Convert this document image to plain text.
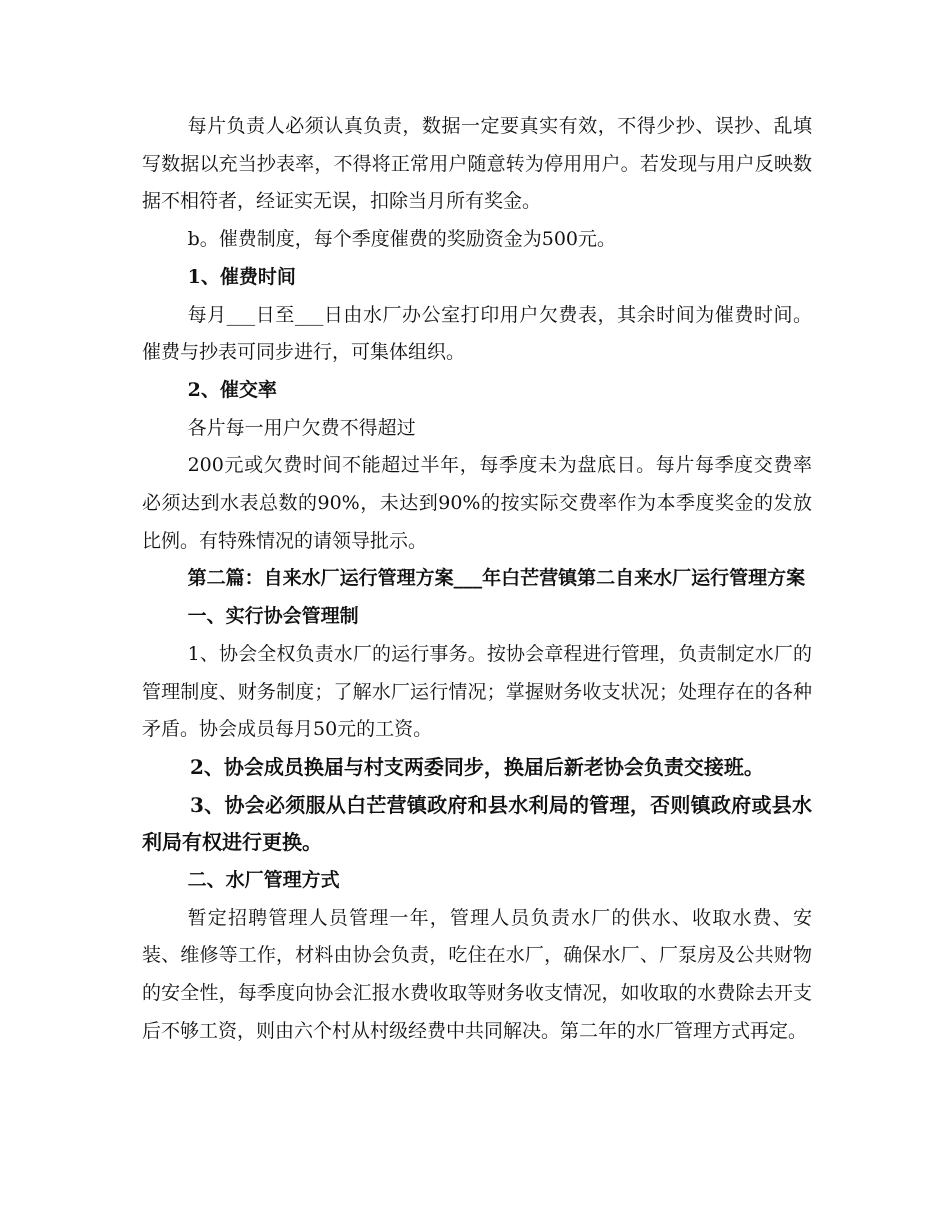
每片负责人必须认真负责，数据一定要真实有效，不得少抄、误抄、乱填写数据以充当抄表率，不得将正常用户随意转为停用用户。若发现与用户反映数据不相符者，经证实无误，扣除当月所有奖金。

b。催费制度，每个季度催费的奖励资金为500元。

1、催费时间

每月___日至___日由水厂办公室打印用户欠费表，其余时间为催费时间。催费与抄表可同步进行，可集体组织。

2、催交率

各片每一用户欠费不得超过

200元或欠费时间不能超过半年，每季度未为盘底日。每片每季度交费率必须达到水表总数的90%，未达到90%的按实际交费率作为本季度奖金的发放比例。有特殊情况的请领导批示。

第二篇：自来水厂运行管理方案___年白芒营镇第二自来水厂运行管理方案

一、实行协会管理制

1、协会全权负责水厂的运行事务。按协会章程进行管理，负责制定水厂的管理制度、财务制度；了解水厂运行情况；掌握财务收支状况；处理存在的各种矛盾。协会成员每月50元的工资。

2、协会成员换届与村支两委同步，换届后新老协会负责交接班。

3、协会必须服从白芒营镇政府和县水利局的管理，否则镇政府或县水利局有权进行更换。

二、水厂管理方式

暂定招聘管理人员管理一年，管理人员负责水厂的供水、收取水费、安装、维修等工作，材料由协会负责，吃住在水厂，确保水厂、厂泵房及公共财物的安全性，每季度向协会汇报水费收取等财务收支情况，如收取的水费除去开支后不够工资，则由六个村从村级经费中共同解决。第二年的水厂管理方式再定。
